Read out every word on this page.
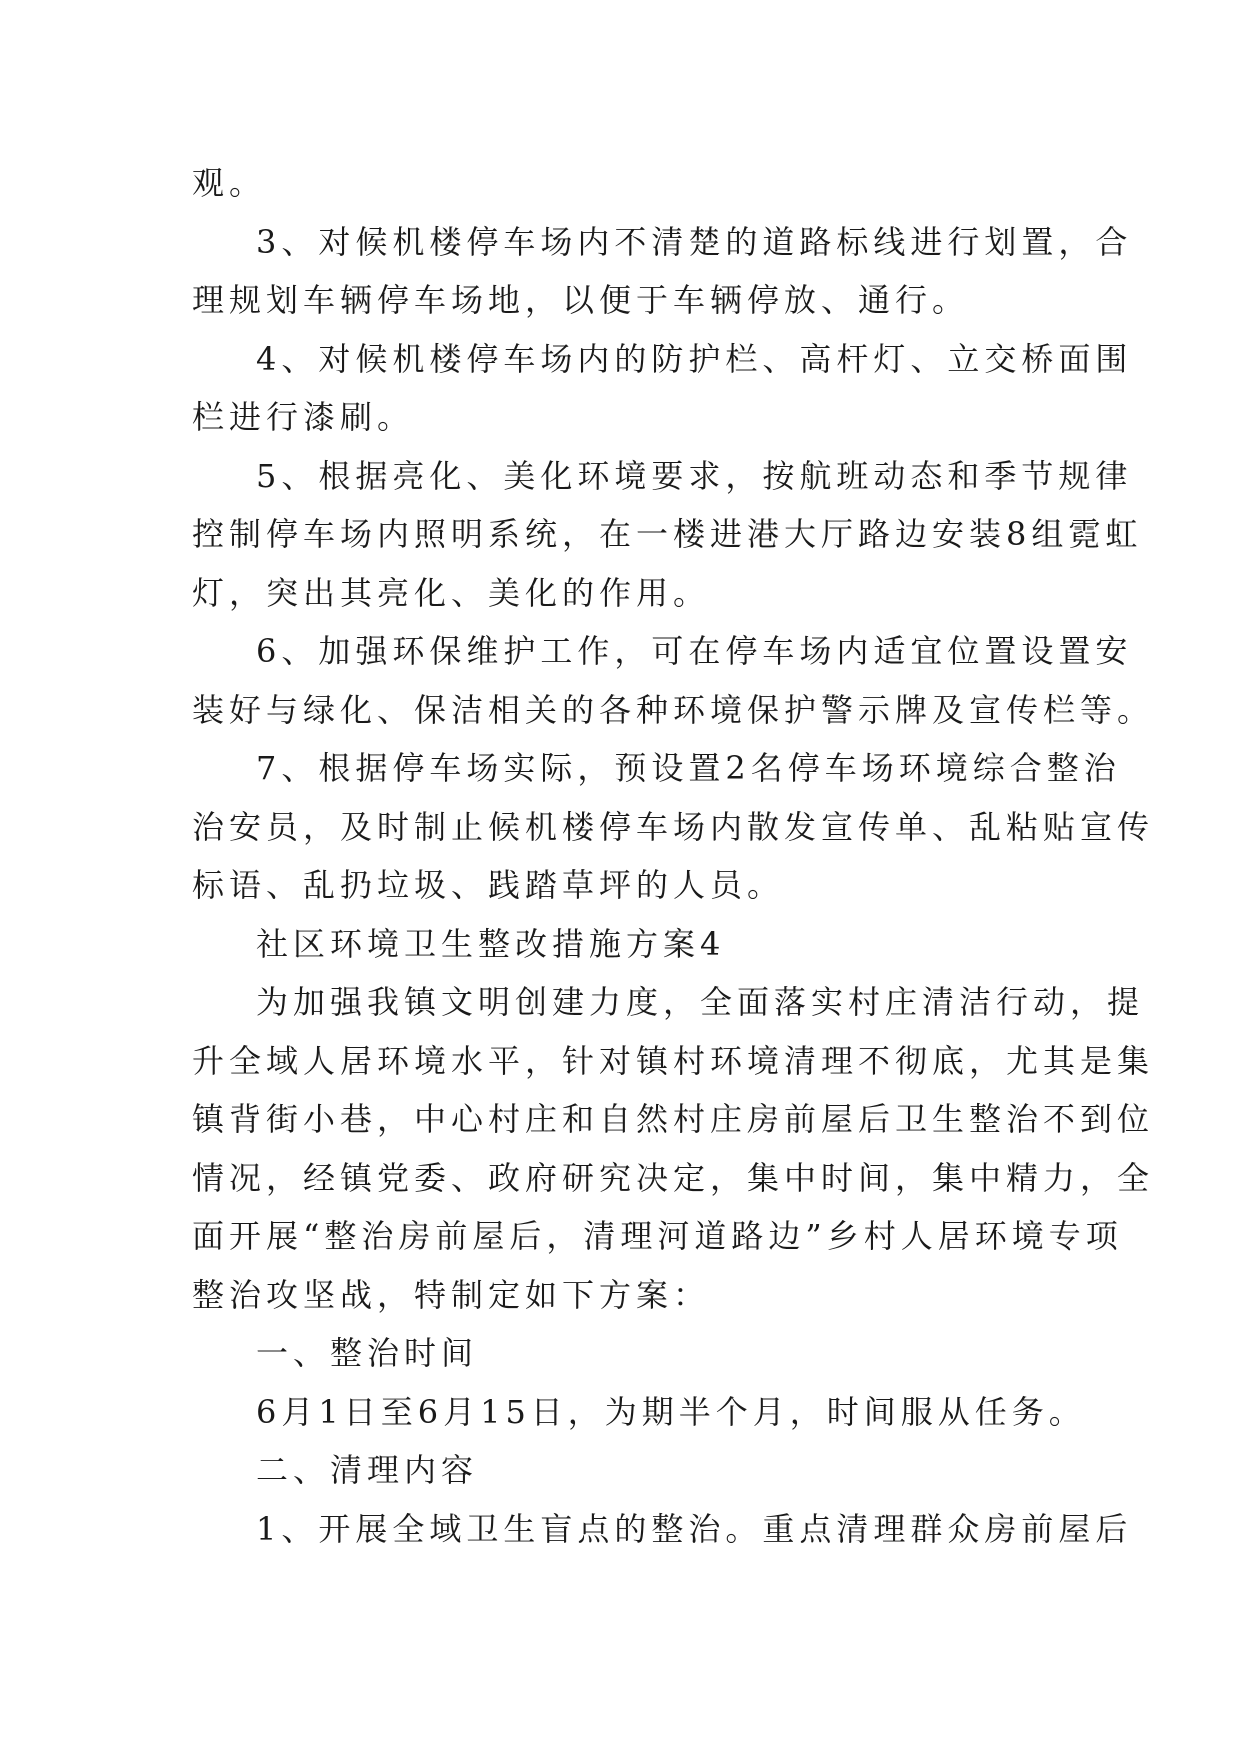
观。
3、对候机楼停车场内不清楚的道路标线进行划置，合
理规划车辆停车场地，以便于车辆停放、通行。
4、对候机楼停车场内的防护栏、高杆灯、立交桥面围
栏进行漆刷。
5、根据亮化、美化环境要求，按航班动态和季节规律
控制停车场内照明系统，在一楼进港大厅路边安装8组霓虹
灯，突出其亮化、美化的作用。
6、加强环保维护工作，可在停车场内适宜位置设置安
装好与绿化、保洁相关的各种环境保护警示牌及宣传栏等。
7、根据停车场实际，预设置2名停车场环境综合整治
治安员，及时制止候机楼停车场内散发宣传单、乱粘贴宣传
标语、乱扔垃圾、践踏草坪的人员。
社区环境卫生整改措施方案4
为加强我镇文明创建力度，全面落实村庄清洁行动，提
升全域人居环境水平，针对镇村环境清理不彻底，尤其是集
镇背街小巷，中心村庄和自然村庄房前屋后卫生整治不到位
情况，经镇党委、政府研究决定，集中时间，集中精力，全
面开展“整治房前屋后，清理河道路边”乡村人居环境专项
整治攻坚战，特制定如下方案：
一、整治时间
6月1日至6月15日，为期半个月，时间服从任务。
二、清理内容
1、开展全域卫生盲点的整治。重点清理群众房前屋后
